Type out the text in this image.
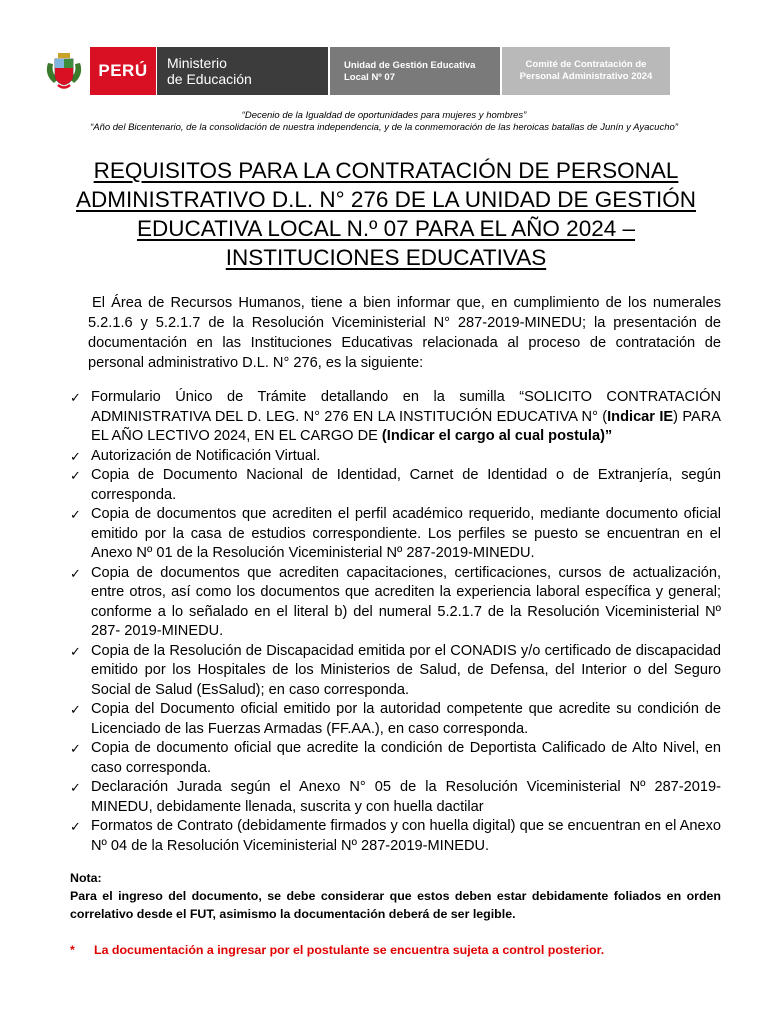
PERÚ Ministerio
de Educación
Unidad de Gestión Educativa
Local Nº 07
Comité de Contratación de
Personal Administrativo 2024
“Decenio de la Igualdad de oportunidades para mujeres y hombres”
“Año del Bicentenario, de la consolidación de nuestra independencia, y de la conmemoración de las heroicas batallas de Junín y Ayacucho”
REQUISITOS PARA LA CONTRATACIÓN DE PERSONAL ADMINISTRATIVO D.L. N° 276 DE LA UNIDAD DE GESTIÓN EDUCATIVA LOCAL N.º 07 PARA EL AÑO 2024 – INSTITUCIONES EDUCATIVAS
El Área de Recursos Humanos, tiene a bien informar que, en cumplimiento de los numerales 5.2.1.6 y 5.2.1.7 de la Resolución Viceministerial N° 287-2019-MINEDU; la presentación de documentación en las Instituciones Educativas relacionada al proceso de contratación de personal administrativo D.L. N° 276, es la siguiente:
✓ Formulario Único de Trámite detallando en la sumilla “SOLICITO CONTRATACIÓN ADMINISTRATIVA DEL D. LEG. N° 276 EN LA INSTITUCIÓN EDUCATIVA N° (Indicar IE) PARA EL AÑO LECTIVO 2024, EN EL CARGO DE (Indicar el cargo al cual postula)”
✓ Autorización de Notificación Virtual.
✓ Copia de Documento Nacional de Identidad, Carnet de Identidad o de Extranjería, según corresponda.
✓ Copia de documentos que acrediten el perfil académico requerido, mediante documento oficial emitido por la casa de estudios correspondiente. Los perfiles se puesto se encuentran en el Anexo Nº 01 de la Resolución Viceministerial Nº 287-2019-MINEDU.
✓ Copia de documentos que acrediten capacitaciones, certificaciones, cursos de actualización, entre otros, así como los documentos que acrediten la experiencia laboral específica y general; conforme a lo señalado en el literal b) del numeral 5.2.1.7 de la Resolución Viceministerial Nº 287- 2019-MINEDU.
✓ Copia de la Resolución de Discapacidad emitida por el CONADIS y/o certificado de discapacidad emitido por los Hospitales de los Ministerios de Salud, de Defensa, del Interior o del Seguro Social de Salud (EsSalud); en caso corresponda.
✓ Copia del Documento oficial emitido por la autoridad competente que acredite su condición de Licenciado de las Fuerzas Armadas (FF.AA.), en caso corresponda.
✓ Copia de documento oficial que acredite la condición de Deportista Calificado de Alto Nivel, en caso corresponda.
✓ Declaración Jurada según el Anexo N° 05 de la Resolución Viceministerial Nº 287-2019-MINEDU, debidamente llenada, suscrita y con huella dactilar
✓ Formatos de Contrato (debidamente firmados y con huella digital) que se encuentran en el Anexo Nº 04 de la Resolución Viceministerial Nº 287-2019-MINEDU.
Nota:
Para el ingreso del documento, se debe considerar que estos deben estar debidamente foliados en orden correlativo desde el FUT, asimismo la documentación deberá de ser legible.
* La documentación a ingresar por el postulante se encuentra sujeta a control posterior.
